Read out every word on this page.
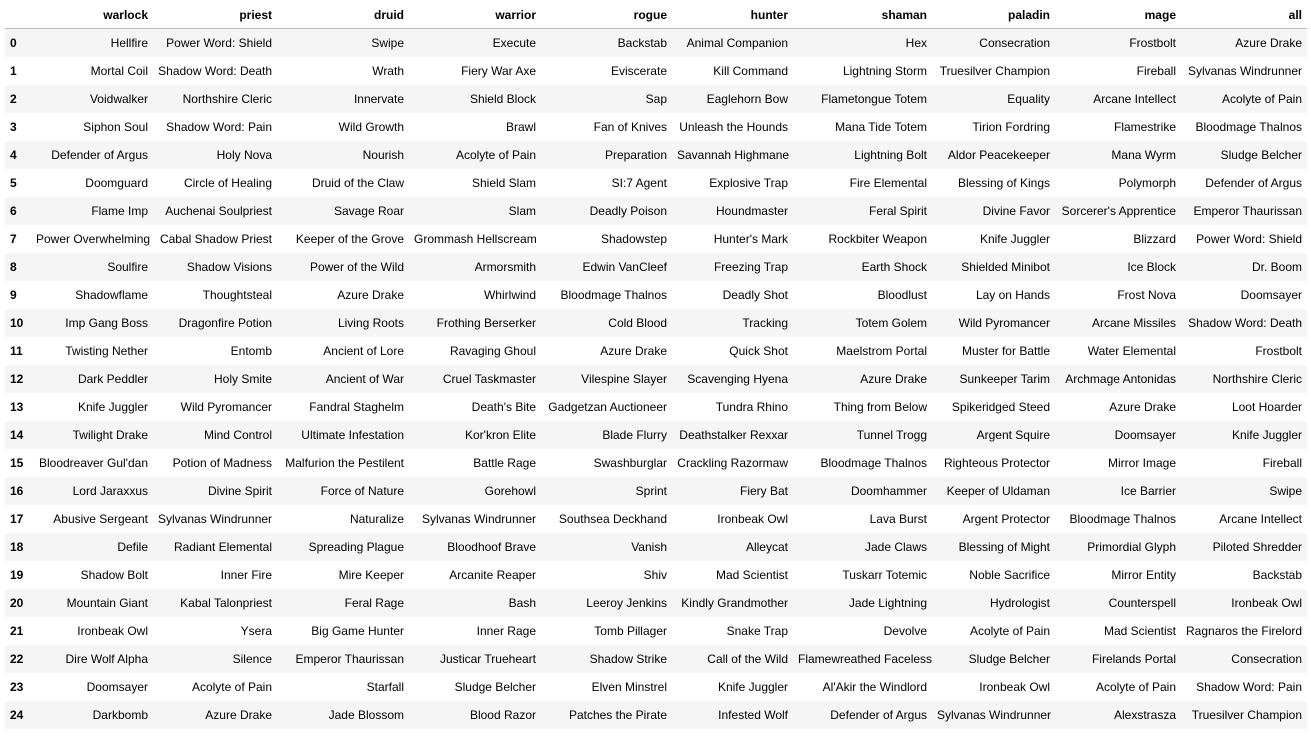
	warlock	priest	druid	warrior	rogue	hunter	shaman	paladin	mage	all
0	Hellfire	Power Word: Shield	Swipe	Execute	Backstab	Animal Companion	Hex	Consecration	Frostbolt	Azure Drake
1	Mortal Coil	Shadow Word: Death	Wrath	Fiery War Axe	Eviscerate	Kill Command	Lightning Storm	Truesilver Champion	Fireball	Sylvanas Windrunner
2	Voidwalker	Northshire Cleric	Innervate	Shield Block	Sap	Eaglehorn Bow	Flametongue Totem	Equality	Arcane Intellect	Acolyte of Pain
3	Siphon Soul	Shadow Word: Pain	Wild Growth	Brawl	Fan of Knives	Unleash the Hounds	Mana Tide Totem	Tirion Fordring	Flamestrike	Bloodmage Thalnos
4	Defender of Argus	Holy Nova	Nourish	Acolyte of Pain	Preparation	Savannah Highmane	Lightning Bolt	Aldor Peacekeeper	Mana Wyrm	Sludge Belcher
5	Doomguard	Circle of Healing	Druid of the Claw	Shield Slam	SI:7 Agent	Explosive Trap	Fire Elemental	Blessing of Kings	Polymorph	Defender of Argus
6	Flame Imp	Auchenai Soulpriest	Savage Roar	Slam	Deadly Poison	Houndmaster	Feral Spirit	Divine Favor	Sorcerer's Apprentice	Emperor Thaurissan
7	Power Overwhelming	Cabal Shadow Priest	Keeper of the Grove	Grommash Hellscream	Shadowstep	Hunter's Mark	Rockbiter Weapon	Knife Juggler	Blizzard	Power Word: Shield
8	Soulfire	Shadow Visions	Power of the Wild	Armorsmith	Edwin VanCleef	Freezing Trap	Earth Shock	Shielded Minibot	Ice Block	Dr. Boom
9	Shadowflame	Thoughtsteal	Azure Drake	Whirlwind	Bloodmage Thalnos	Deadly Shot	Bloodlust	Lay on Hands	Frost Nova	Doomsayer
10	Imp Gang Boss	Dragonfire Potion	Living Roots	Frothing Berserker	Cold Blood	Tracking	Totem Golem	Wild Pyromancer	Arcane Missiles	Shadow Word: Death
11	Twisting Nether	Entomb	Ancient of Lore	Ravaging Ghoul	Azure Drake	Quick Shot	Maelstrom Portal	Muster for Battle	Water Elemental	Frostbolt
12	Dark Peddler	Holy Smite	Ancient of War	Cruel Taskmaster	Vilespine Slayer	Scavenging Hyena	Azure Drake	Sunkeeper Tarim	Archmage Antonidas	Northshire Cleric
13	Knife Juggler	Wild Pyromancer	Fandral Staghelm	Death's Bite	Gadgetzan Auctioneer	Tundra Rhino	Thing from Below	Spikeridged Steed	Azure Drake	Loot Hoarder
14	Twilight Drake	Mind Control	Ultimate Infestation	Kor'kron Elite	Blade Flurry	Deathstalker Rexxar	Tunnel Trogg	Argent Squire	Doomsayer	Knife Juggler
15	Bloodreaver Gul'dan	Potion of Madness	Malfurion the Pestilent	Battle Rage	Swashburglar	Crackling Razormaw	Bloodmage Thalnos	Righteous Protector	Mirror Image	Fireball
16	Lord Jaraxxus	Divine Spirit	Force of Nature	Gorehowl	Sprint	Fiery Bat	Doomhammer	Keeper of Uldaman	Ice Barrier	Swipe
17	Abusive Sergeant	Sylvanas Windrunner	Naturalize	Sylvanas Windrunner	Southsea Deckhand	Ironbeak Owl	Lava Burst	Argent Protector	Bloodmage Thalnos	Arcane Intellect
18	Defile	Radiant Elemental	Spreading Plague	Bloodhoof Brave	Vanish	Alleycat	Jade Claws	Blessing of Might	Primordial Glyph	Piloted Shredder
19	Shadow Bolt	Inner Fire	Mire Keeper	Arcanite Reaper	Shiv	Mad Scientist	Tuskarr Totemic	Noble Sacrifice	Mirror Entity	Backstab
20	Mountain Giant	Kabal Talonpriest	Feral Rage	Bash	Leeroy Jenkins	Kindly Grandmother	Jade Lightning	Hydrologist	Counterspell	Ironbeak Owl
21	Ironbeak Owl	Ysera	Big Game Hunter	Inner Rage	Tomb Pillager	Snake Trap	Devolve	Acolyte of Pain	Mad Scientist	Ragnaros the Firelord
22	Dire Wolf Alpha	Silence	Emperor Thaurissan	Justicar Trueheart	Shadow Strike	Call of the Wild	Flamewreathed Faceless	Sludge Belcher	Firelands Portal	Consecration
23	Doomsayer	Acolyte of Pain	Starfall	Sludge Belcher	Elven Minstrel	Knife Juggler	Al'Akir the Windlord	Ironbeak Owl	Acolyte of Pain	Shadow Word: Pain
24	Darkbomb	Azure Drake	Jade Blossom	Blood Razor	Patches the Pirate	Infested Wolf	Defender of Argus	Sylvanas Windrunner	Alexstrasza	Truesilver Champion
